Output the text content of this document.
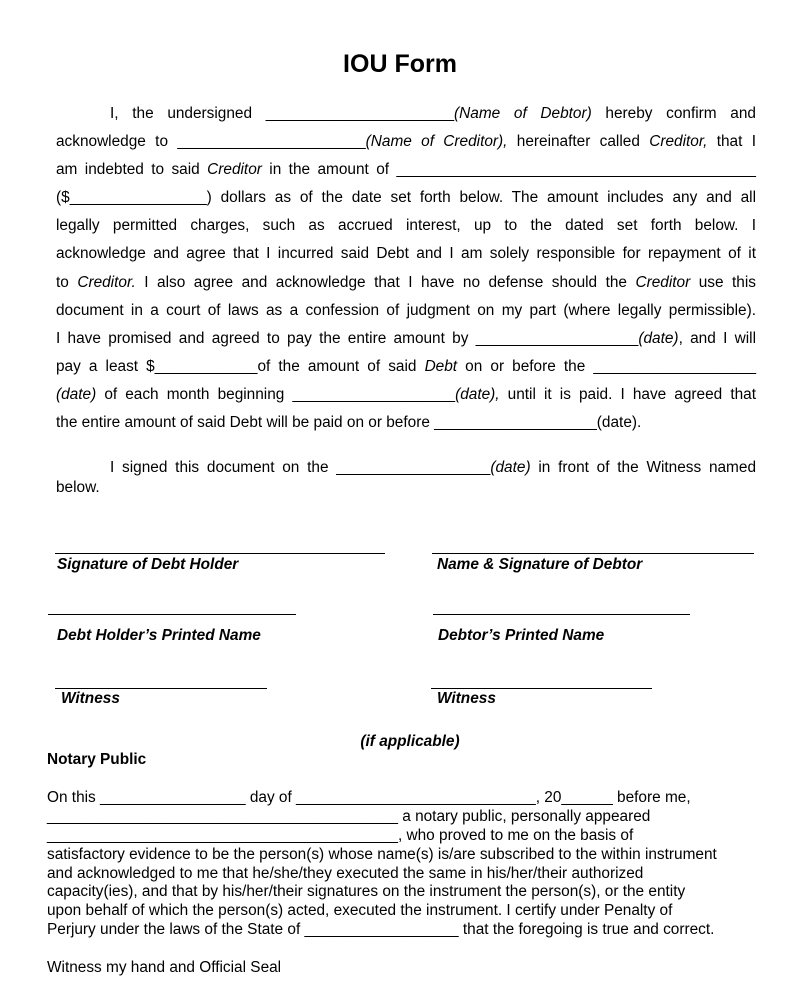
IOU Form
I, the undersigned ______________________(Name of Debtor) hereby confirm and
acknowledge to ______________________(Name of Creditor), hereinafter called Creditor, that I
am indebted to said Creditor in the amount of __________________________________________
($________________) dollars as of the date set forth below. The amount includes any and all
legally permitted charges, such as accrued interest, up to the dated set forth below. I
acknowledge and agree that I incurred said Debt and I am solely responsible for repayment of it
to Creditor. I also agree and acknowledge that I have no defense should the Creditor use this
document in a court of laws as a confession of judgment on my part (where legally permissible).
I have promised and agreed to pay the entire amount by ___________________(date), and I will
pay a least $____________of the amount of said Debt on or before the ___________________
(date) of each month beginning ___________________(date), until it is paid. I have agreed that
the entire amount of said Debt will be paid on or before ___________________(date).
I signed this document on the __________________(date) in front of the Witness named
below.
Signature of Debt Holder	Name & Signature of Debtor
Debt Holder’s Printed Name	Debtor’s Printed Name
Witness	Witness
(if applicable)
Notary Public
On this _________________ day of ____________________________, 20______ before me,
_________________________________________ a notary public, personally appeared
_________________________________________, who proved to me on the basis of
satisfactory evidence to be the person(s) whose name(s) is/are subscribed to the within instrument
and acknowledged to me that he/she/they executed the same in his/her/their authorized
capacity(ies), and that by his/her/their signatures on the instrument the person(s), or the entity
upon behalf of which the person(s) acted, executed the instrument. I certify under Penalty of
Perjury under the laws of the State of __________________ that the foregoing is true and correct.
Witness my hand and Official Seal
